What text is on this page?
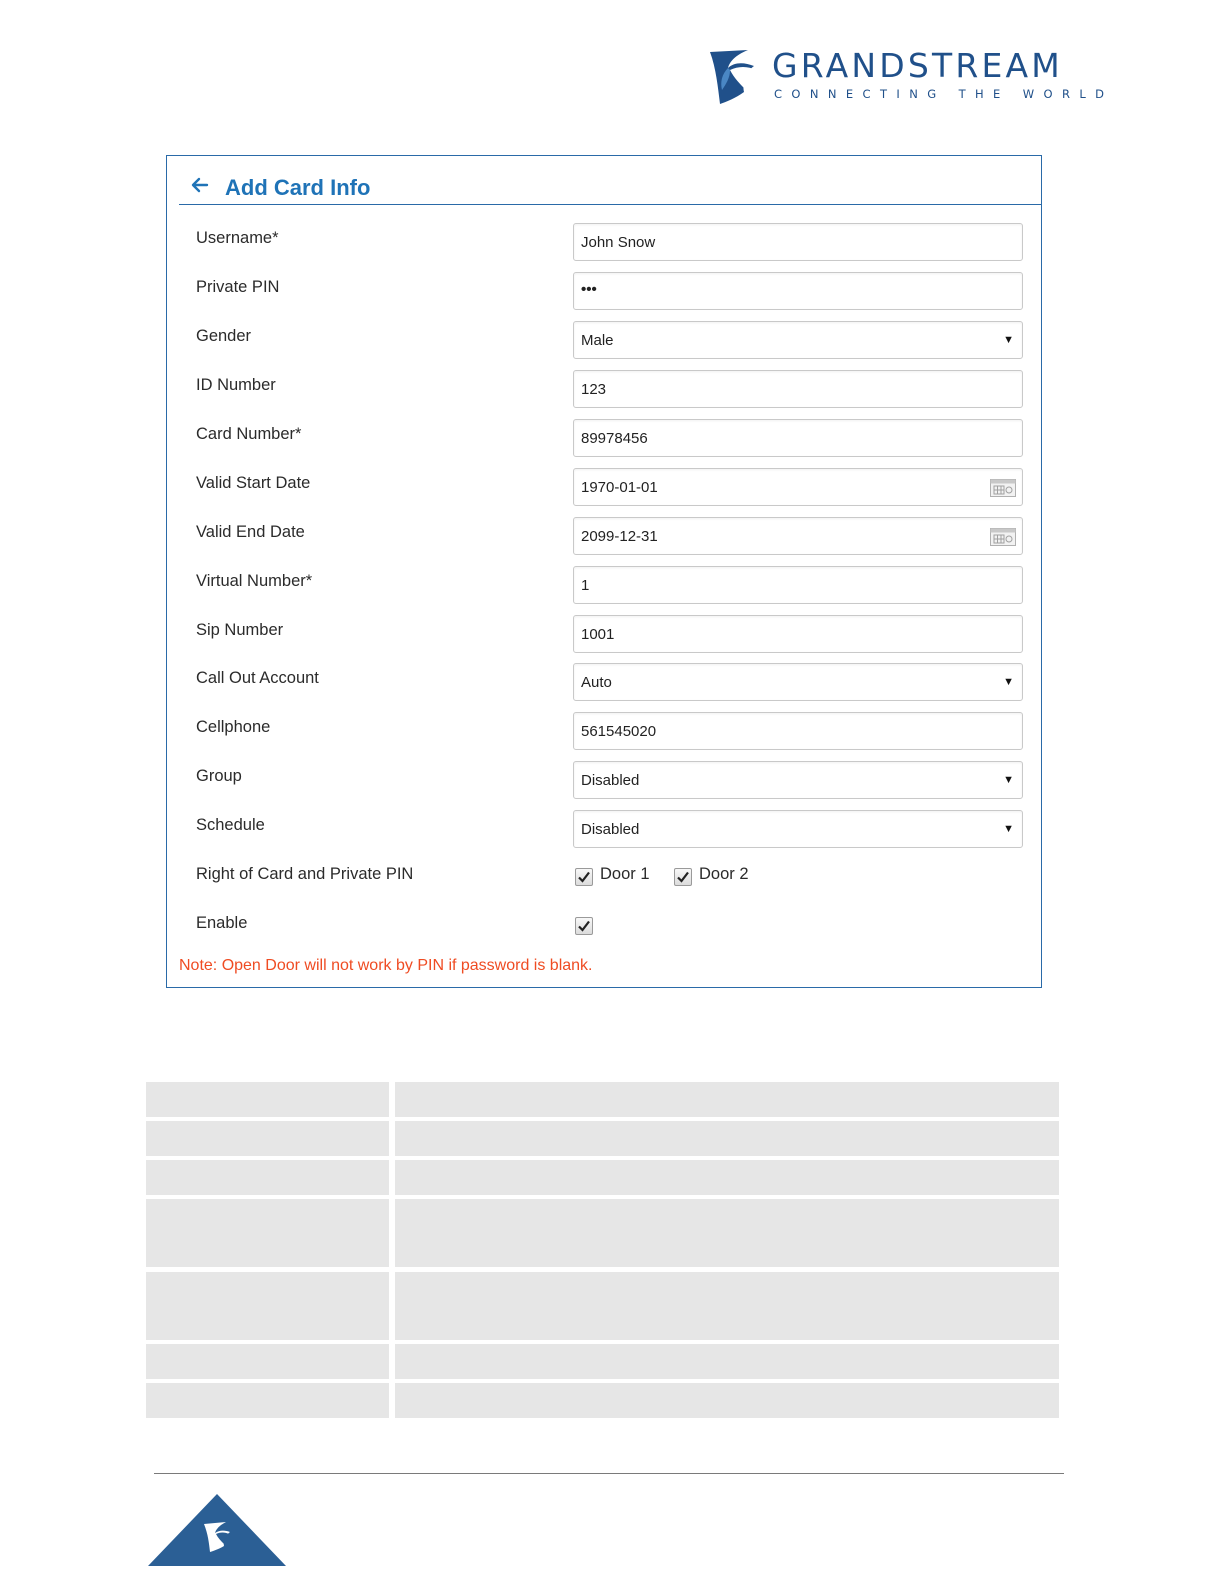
GRANDSTREAM
CONNECTING THE WORLD
Add Card Info
Username*	John Snow
Private PIN	•••
Gender	Male	▼
ID Number	123
Card Number*	89978456
Valid Start Date	1970-01-01
Valid End Date	2099-12-31
Virtual Number*	1
Sip Number	1001
Call Out Account	Auto	▼
Cellphone	561545020
Group	Disabled	▼
Schedule	Disabled	▼
Right of Card and Private PIN	Door 1	Door 2
Enable
Note: Open Door will not work by PIN if password is blank.
